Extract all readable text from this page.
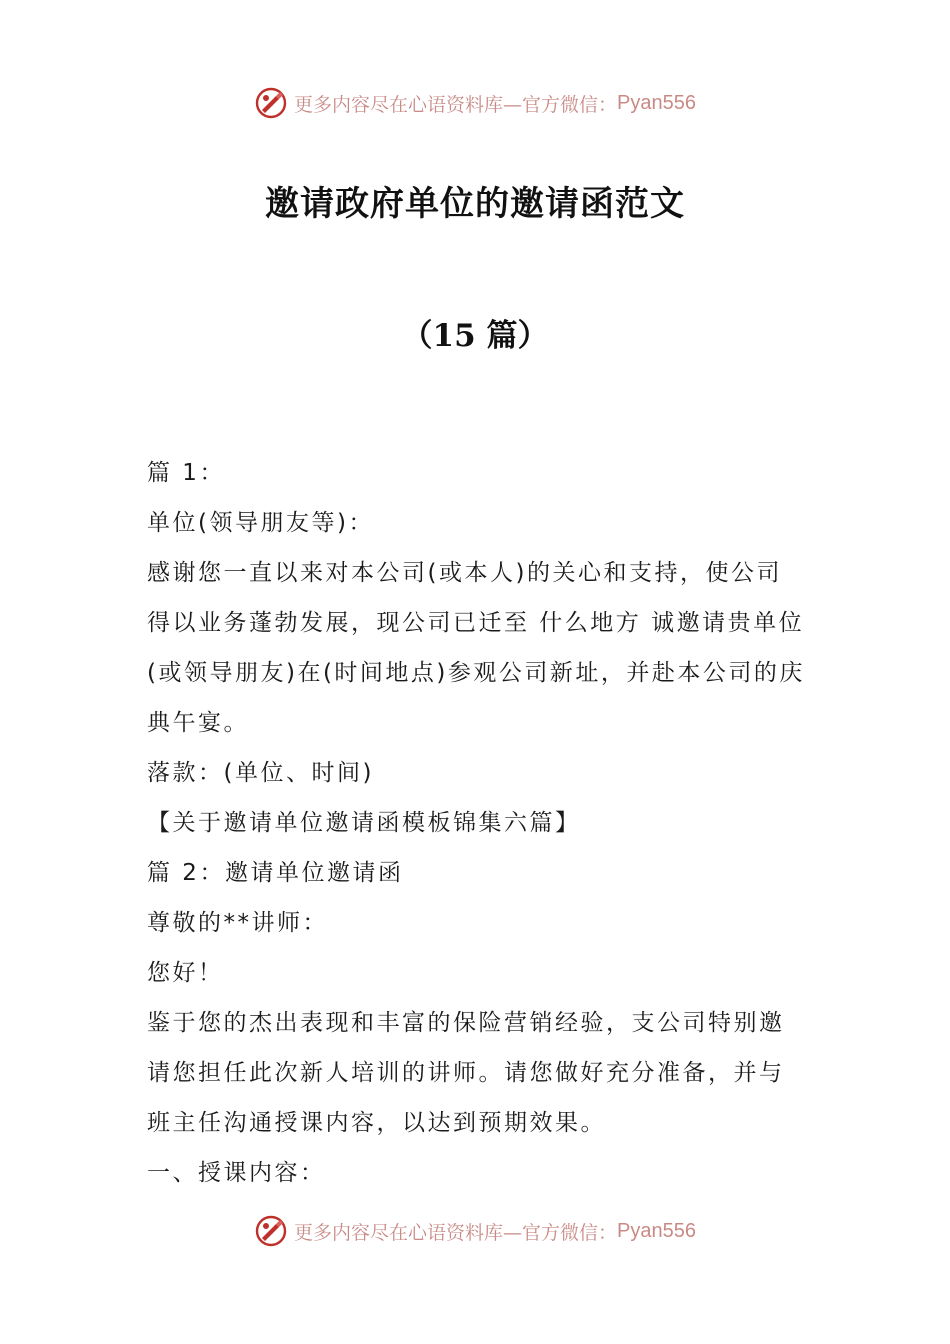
更多内容尽在心语资料库—官方微信： Pyan556
邀请政府单位的邀请函范文
（15 篇）

篇 1：

单位(领导朋友等)：

感谢您一直以来对本公司(或本人)的关心和支持，使公司得以业务蓬勃发展，现公司已迁至 什么地方 诚邀请贵单位(或领导朋友)在(时间地点)参观公司新址，并赴本公司的庆典午宴。

落款：(单位、时间)

【关于邀请单位邀请函模板锦集六篇】

篇 2：邀请单位邀请函

尊敬的**讲师：

您好！

鉴于您的杰出表现和丰富的保险营销经验，支公司特别邀请您担任此次新人培训的讲师。请您做好充分准备，并与班主任沟通授课内容，以达到预期效果。

一、授课内容：

更多内容尽在心语资料库—官方微信： Pyan556
